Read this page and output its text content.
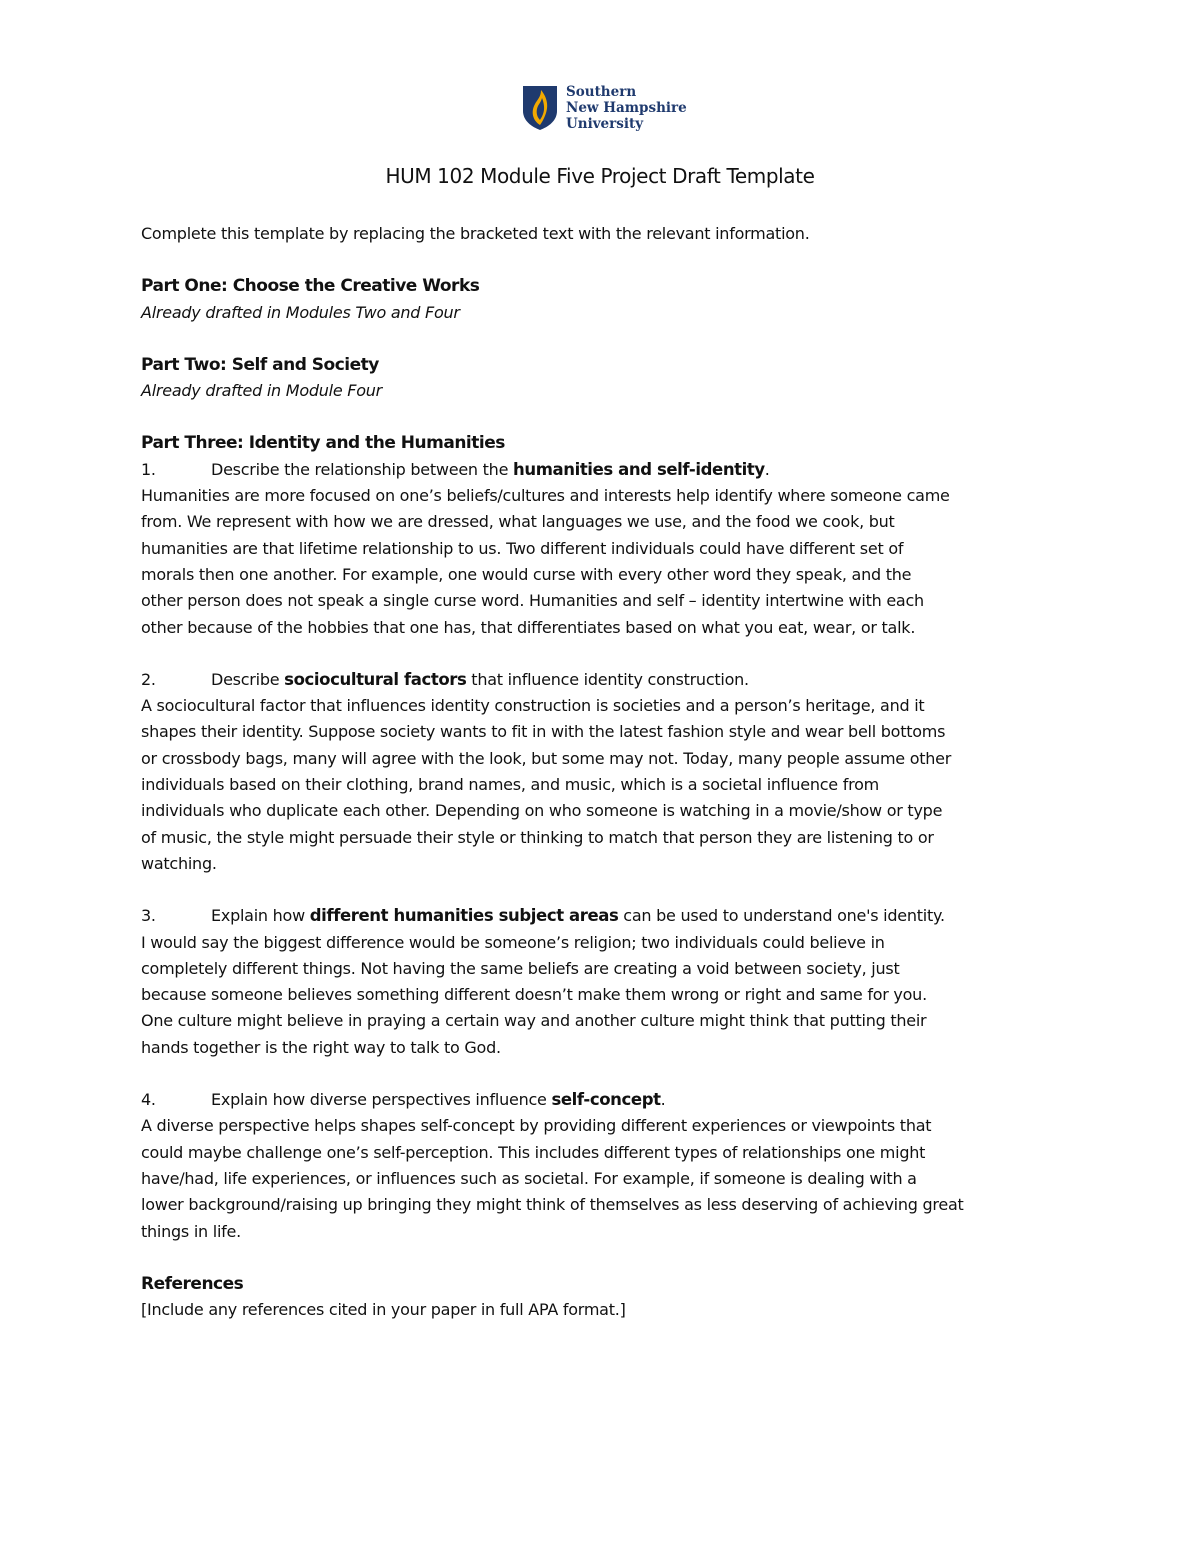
Southern
New Hampshire
University
HUM 102 Module Five Project Draft Template

Complete this template by replacing the bracketed text with the relevant information.

Part One: Choose the Creative Works

Already drafted in Modules Two and Four

Part Two: Self and Society

Already drafted in Module Four

Part Three: Identity and the Humanities

1.	Describe the relationship between the humanities and self-identity.

Humanities are more focused on one’s beliefs/cultures and interests help identify where someone came

from. We represent with how we are dressed, what languages we use, and the food we cook, but

humanities are that lifetime relationship to us. Two different individuals could have different set of

morals then one another. For example, one would curse with every other word they speak, and the

other person does not speak a single curse word. Humanities and self – identity intertwine with each

other because of the hobbies that one has, that differentiates based on what you eat, wear, or talk.

2.	Describe sociocultural factors that influence identity construction.

A sociocultural factor that influences identity construction is societies and a person’s heritage, and it

shapes their identity. Suppose society wants to fit in with the latest fashion style and wear bell bottoms

or crossbody bags, many will agree with the look, but some may not. Today, many people assume other

individuals based on their clothing, brand names, and music, which is a societal influence from

individuals who duplicate each other. Depending on who someone is watching in a movie/show or type

of music, the style might persuade their style or thinking to match that person they are listening to or

watching.

3.	Explain how different humanities subject areas can be used to understand one's identity.

I would say the biggest difference would be someone’s religion; two individuals could believe in

completely different things. Not having the same beliefs are creating a void between society, just

because someone believes something different doesn’t make them wrong or right and same for you.

One culture might believe in praying a certain way and another culture might think that putting their

hands together is the right way to talk to God.

4.	Explain how diverse perspectives influence self-concept.

A diverse perspective helps shapes self-concept by providing different experiences or viewpoints that

could maybe challenge one’s self-perception. This includes different types of relationships one might

have/had, life experiences, or influences such as societal. For example, if someone is dealing with a

lower background/raising up bringing they might think of themselves as less deserving of achieving great

things in life.

References

[Include any references cited in your paper in full APA format.]
